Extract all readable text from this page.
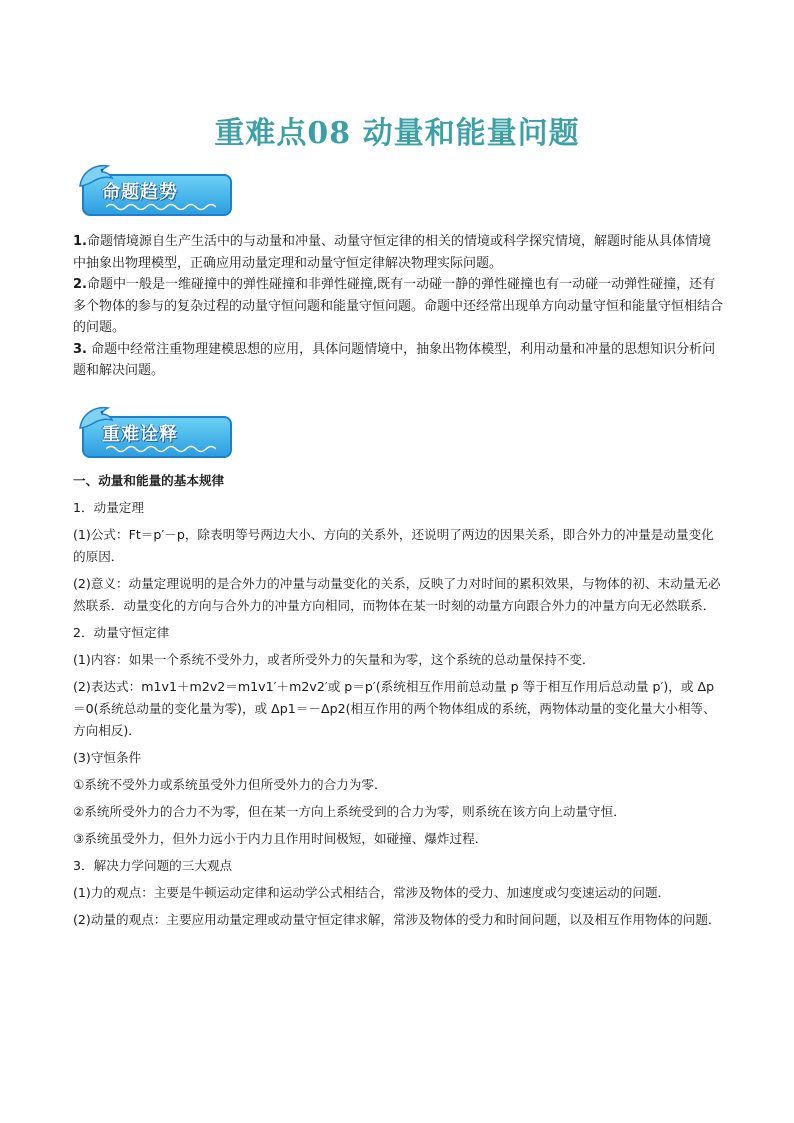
重难点08 动量和能量问题
命题趋势

1.命题情境源自生产生活中的与动量和冲量、动量守恒定律的相关的情境或科学探究情境，解题时能从具体情境中抽象出物理模型，正确应用动量定理和动量守恒定律解决物理实际问题。

2.命题中一般是一维碰撞中的弹性碰撞和非弹性碰撞,既有一动碰一静的弹性碰撞也有一动碰一动弹性碰撞，还有多个物体的参与的复杂过程的动量守恒问题和能量守恒问题。命题中还经常出现单方向动量守恒和能量守恒相结合的问题。

3. 命题中经常注重物理建模思想的应用，具体问题情境中，抽象出物体模型，利用动量和冲量的思想知识分析问题和解决问题。

重难诠释

一、动量和能量的基本规律

1．动量定理

(1)公式：Ft＝p′－p，除表明等号两边大小、方向的关系外，还说明了两边的因果关系，即合外力的冲量是动量变化的原因．

(2)意义：动量定理说明的是合外力的冲量与动量变化的关系，反映了力对时间的累积效果，与物体的初、末动量无必然联系．动量变化的方向与合外力的冲量方向相同，而物体在某一时刻的动量方向跟合外力的冲量方向无必然联系．

2．动量守恒定律

(1)内容：如果一个系统不受外力，或者所受外力的矢量和为零，这个系统的总动量保持不变．

(2)表达式：m1v1＋m2v2＝m1v1′＋m2v2′或 p＝p′(系统相互作用前总动量 p 等于相互作用后总动量 p′)，或 Δp＝0(系统总动量的变化量为零)，或 Δp1＝－Δp2(相互作用的两个物体组成的系统，两物体动量的变化量大小相等、方向相反)．

(3)守恒条件

①系统不受外力或系统虽受外力但所受外力的合力为零．

②系统所受外力的合力不为零，但在某一方向上系统受到的合力为零，则系统在该方向上动量守恒．

③系统虽受外力，但外力远小于内力且作用时间极短，如碰撞、爆炸过程．

3．解决力学问题的三大观点

(1)力的观点：主要是牛顿运动定律和运动学公式相结合，常涉及物体的受力、加速度或匀变速运动的问题．

(2)动量的观点：主要应用动量定理或动量守恒定律求解，常涉及物体的受力和时间问题，以及相互作用物体的问题．
